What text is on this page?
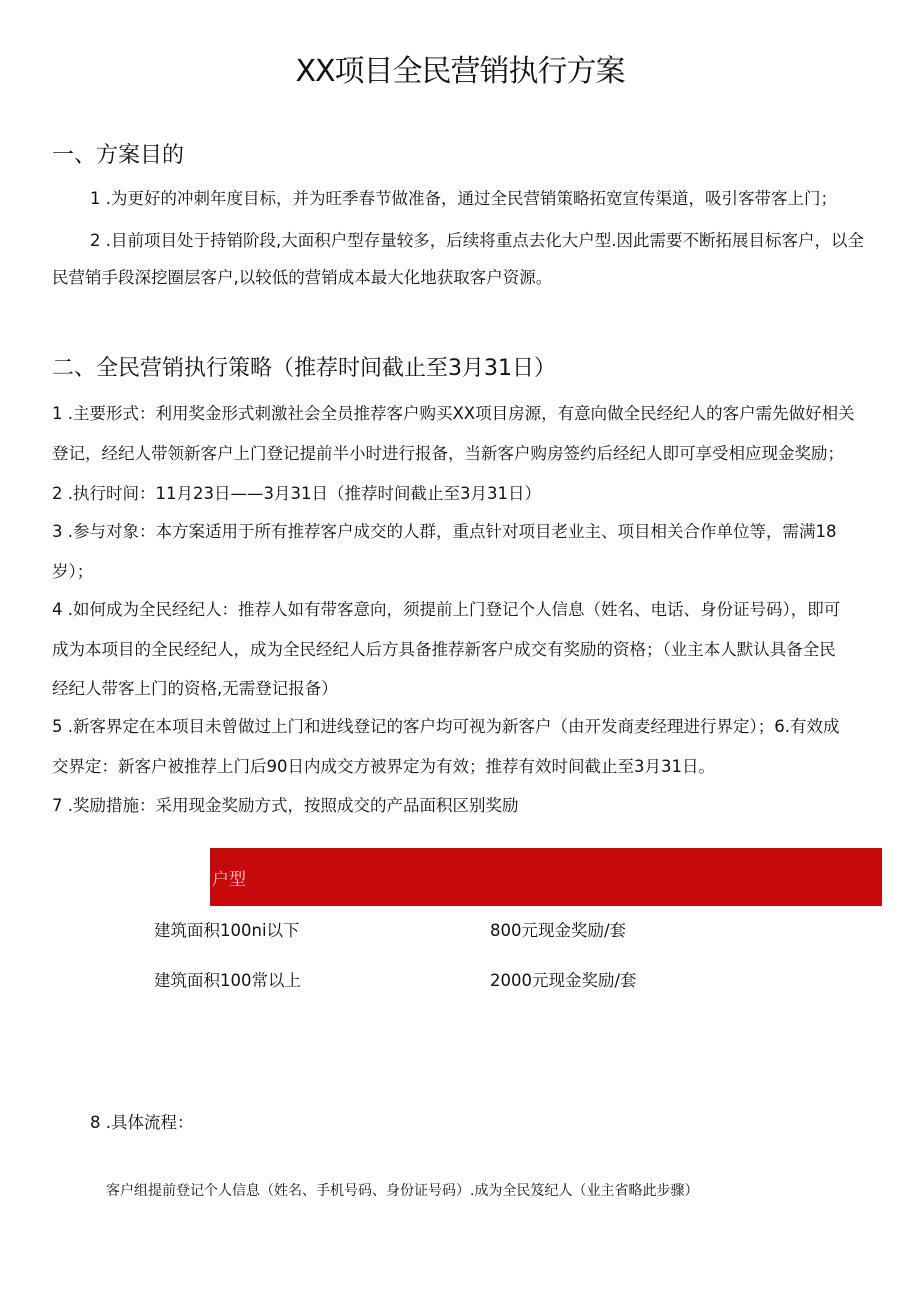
XX项目全民营销执行方案
一、方案目的
1 .为更好的冲刺年度目标，并为旺季春节做准备，通过全民营销策略拓宽宣传渠道，吸引客带客上门；
2 .目前项目处于持销阶段,大面积户型存量较多，后续将重点去化大户型.因此需要不断拓展目标客户，以全
民营销手段深挖圈层客户,以较低的营销成本最大化地获取客户资源。
二、全民营销执行策略（推荐时间截止至3月31日）
1 .主要形式：利用奖金形式刺激社会全员推荐客户购买XX项目房源，有意向做全民经纪人的客户需先做好相关
登记，经纪人带领新客户上门登记提前半小时进行报备，当新客户购房签约后经纪人即可享受相应现金奖励；
2 .执行时间：11月23日——3月31日（推荐时间截止至3月31日）
3 .参与对象：本方案适用于所有推荐客户成交的人群，重点针对项目老业主、项目相关合作单位等，需满18
岁）；
4 .如何成为全民经纪人：推荐人如有带客意向，须提前上门登记个人信息（姓名、电话、身份证号码），即可
成为本项目的全民经纪人，成为全民经纪人后方具备推荐新客户成交有奖励的资格；（业主本人默认具备全民
经纪人带客上门的资格,无需登记报备）
5 .新客界定在本项目未曾做过上门和进线登记的客户均可视为新客户（由开发商麦经理进行界定）；6.有效成
交界定：新客户被推荐上门后90日内成交方被界定为有效；推荐有效时间截止至3月31日。
7 .奖励措施：采用现金奖励方式，按照成交的产品面积区别奖励
户型
建筑面积100ni以下	800元现金奖励/套
建筑面积100常以上	2000元现金奖励/套
8 .具体流程：
客户组提前登记个人信息（姓名、手机号码、身份证号码）.成为全民笈纪人（业主省略此步骤）
